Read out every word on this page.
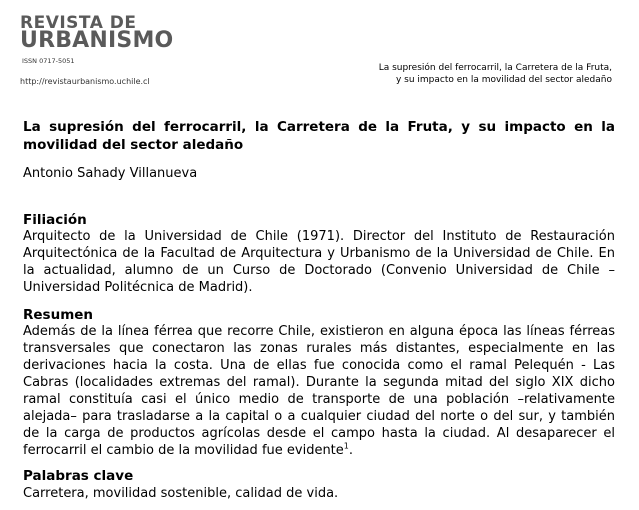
REVISTA DE
URBANISMO
ISSN 0717-5051
http://revistaurbanismo.uchile.cl
La supresión del ferrocarril, la Carretera de la Fruta,
y su impacto en la movilidad del sector aledaño
La supresión del ferrocarril, la Carretera de la Fruta, y su impacto en la movilidad del sector aledaño
Antonio Sahady Villanueva
Filiación
Arquitecto de la Universidad de Chile (1971). Director del Instituto de Restauración Arquitectónica de la Facultad de Arquitectura y Urbanismo de la Universidad de Chile. En la actualidad, alumno de un Curso de Doctorado (Convenio Universidad de Chile – Universidad Politécnica de Madrid).
Resumen
Además de la línea férrea que recorre Chile, existieron en alguna época las líneas férreas transversales que conectaron las zonas rurales más distantes, especialmente en las derivaciones hacia la costa. Una de ellas fue conocida como el ramal Pelequén - Las Cabras (localidades extremas del ramal). Durante la segunda mitad del siglo XIX dicho ramal constituía casi el único medio de transporte de una población –relativamente alejada– para trasladarse a la capital o a cualquier ciudad del norte o del sur, y también de la carga de productos agrícolas desde el campo hasta la ciudad. Al desaparecer el ferrocarril el cambio de la movilidad fue evidente$^1$.
Palabras clave
Carretera, movilidad sostenible, calidad de vida.
